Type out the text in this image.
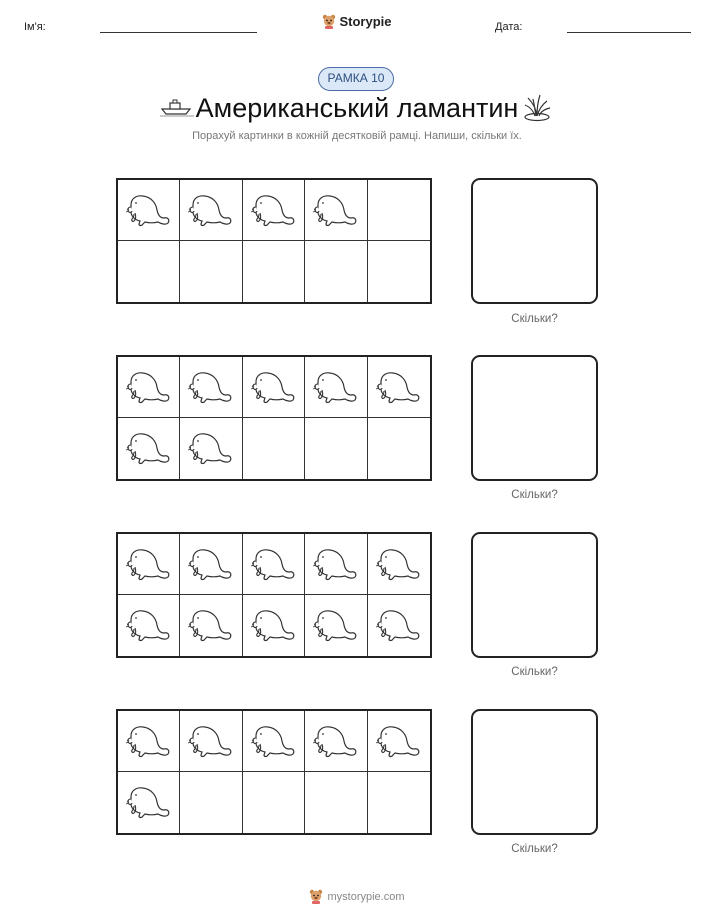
Ім'я:	Storypie	Дата:
РАМКА 10
Американський ламантин
Порахуй картинки в кожній десятковій рамці. Напиши, скільки їх.
Скільки?
Скільки?
Скільки?
Скільки?
mystorypie.com
